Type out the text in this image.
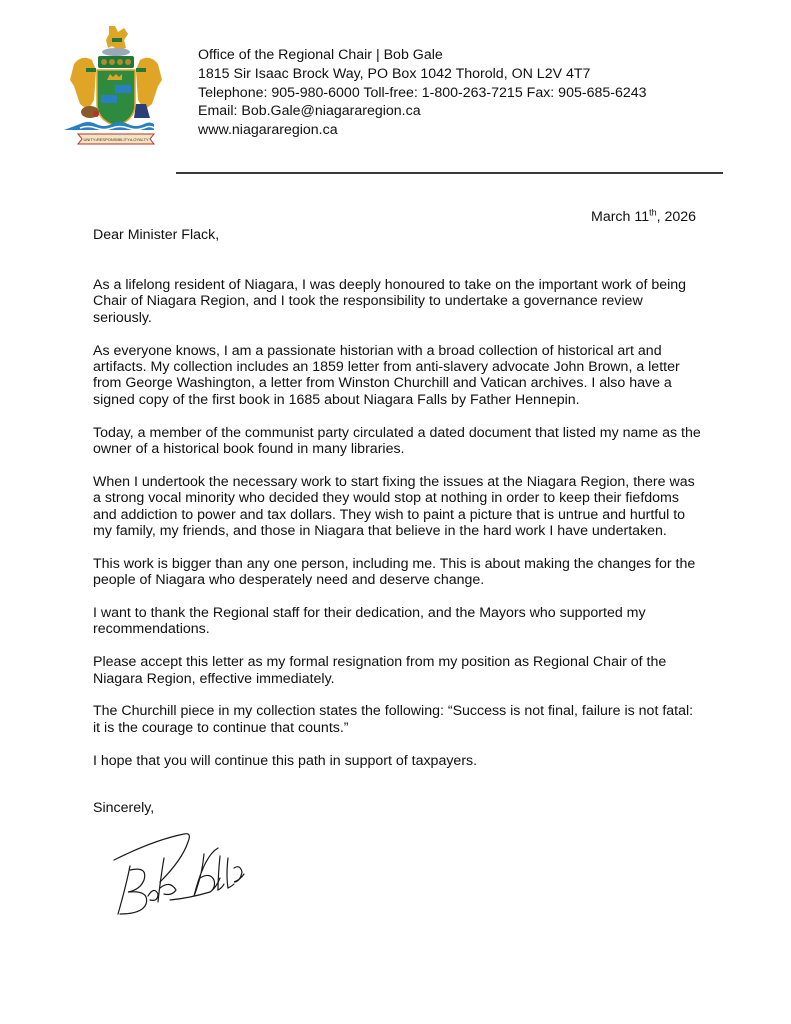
UNITY•RESPONSIBILITY•LOYALTY
Office of the Regional Chair | Bob Gale
1815 Sir Isaac Brock Way, PO Box 1042 Thorold, ON L2V 4T7
Telephone: 905-980-6000 Toll-free: 1-800-263-7215 Fax: 905-685-6243
Email: Bob.Gale@niagararegion.ca
www.niagararegion.ca
March 11th, 2026
Dear Minister Flack,

As a lifelong resident of Niagara, I was deeply honoured to take on the important work of being Chair of Niagara Region, and I took the responsibility to undertake a governance review seriously.

As everyone knows, I am a passionate historian with a broad collection of historical art and artifacts. My collection includes an 1859 letter from anti-slavery advocate John Brown, a letter from George Washington, a letter from Winston Churchill and Vatican archives. I also have a signed copy of the first book in 1685 about Niagara Falls by Father Hennepin.

Today, a member of the communist party circulated a dated document that listed my name as the owner of a historical book found in many libraries.

When I undertook the necessary work to start fixing the issues at the Niagara Region, there was a strong vocal minority who decided they would stop at nothing in order to keep their fiefdoms and addiction to power and tax dollars. They wish to paint a picture that is untrue and hurtful to my family, my friends, and those in Niagara that believe in the hard work I have undertaken.

This work is bigger than any one person, including me. This is about making the changes for the people of Niagara who desperately need and deserve change.

I want to thank the Regional staff for their dedication, and the Mayors who supported my recommendations.

Please accept this letter as my formal resignation from my position as Regional Chair of the Niagara Region, effective immediately.

The Churchill piece in my collection states the following: “Success is not final, failure is not fatal: it is the courage to continue that counts.”

I hope that you will continue this path in support of taxpayers.

Sincerely,
